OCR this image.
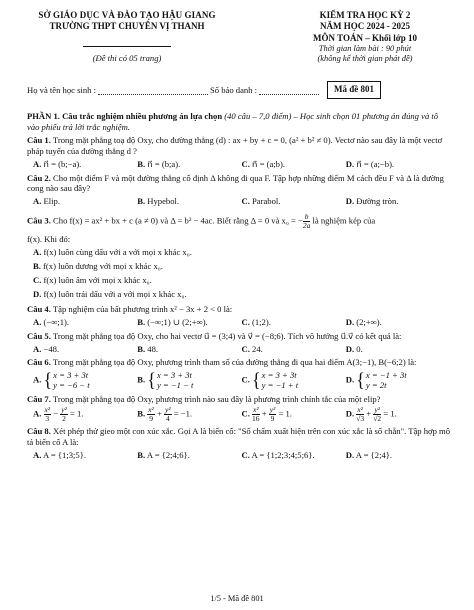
SỞ GIÁO DỤC VÀ ĐÀO TẠO HẬU GIANG
TRƯỜNG THPT CHUYÊN VỊ THANH
(Đề thi có 05 trang)
KIỂM TRA HỌC KỲ 2
NĂM HỌC 2024 - 2025
MÔN TOÁN – Khối lớp 10
Thời gian làm bài : 90 phút
(không kể thời gian phát đề)
Họ và tên học sinh :	Số báo danh :	Mã đề 801
PHẦN 1. Câu trắc nghiệm nhiều phương án lựa chọn (40 câu – 7,0 điểm) – Học sinh chọn 01 phương án đúng và tô vào phiếu trả lời trắc nghiệm.
Câu 1. Trong mặt phẳng toạ độ Oxy, cho đường thẳng (d) : ax + by + c = 0, (a² + b² ≠ 0). Vectơ nào sau đây là một vectơ pháp tuyến của đường thẳng d ?
A. n⃗ = (b;−a).	B. n⃗ = (b;a).	C. n⃗ = (a;b).	D. n⃗ = (a;−b).
Câu 2. Cho một điểm F và một đường thẳng cố định Δ không đi qua F. Tập hợp những điểm M cách đều F và Δ là đường cong nào sau đây?
A. Elip.	B. Hypebol.	C. Parabol.	D. Đường tròn.
Câu 3. Cho f(x) = ax² + bx + c (a ≠ 0) và Δ = b² − 4ac. Biết rằng Δ = 0 và x₀ = − $\frac{b}{2a}$ là nghiệm kép của
f(x). Khi đó:
A. f(x) luôn cùng dấu với a với mọi x khác x₀.
B. f(x) luôn dương với mọi x khác x₀.
C. f(x) luôn âm với mọi x khác x₀.
D. f(x) luôn trái dấu với a với mọi x khác x₀.
Câu 4. Tập nghiệm của bất phương trình x² − 3x + 2 < 0 là:
A. (−∞;1).	B. (−∞;1) ∪ (2;+∞).	C. (1;2).	D. (2;+∞).
Câu 5. Trong mặt phẳng tọa độ Oxy, cho hai vectơ u⃗ = (3;4) và v⃗ = (−8;6). Tích vô hướng u⃗.v⃗ có kết quả là:
A. −48.	B. 48.	C. 24.	D. 0.
Câu 6. Trong mặt phẳng tọa độ Oxy, phương trình tham số của đường thẳng đi qua hai điểm A(3;−1), B(−6;2) là:
A. { x = 3 + 3t
y = −6 − t
B. { x = 3 + 3t
y = −1 − t
C. { x = 3 + 3t
y = −1 + t
D. { x = −1 + 3t
y = 2t
Câu 7. Trong mặt phẳng tọa độ Oxy, phương trình nào sau đây là phương trình chính tắc của một elip?
A. $\frac{\text{x²}}{3} - \frac{\text{y²}}{2} = 1$.	B. $\frac{\text{x²}}{9} + \frac{\text{y²}}{4} = -1$.	C. $\frac{\text{x²}}{16} + \frac{\text{y²}}{9} = 1$.	D. $\frac{\text{x²}}{√3} + \frac{\text{y²}}{√2} = 1$.
Câu 8. Xét phép thử gieo một con xúc xắc. Gọi A là biến cố: "Số chấm xuất hiện trên con xúc xắc là số chẵn". Tập hợp mô tả biến cố A là:
A. A = {1;3;5}.	B. A = {2;4;6}.	C. A = {1;2;3;4;5;6}.	D. A = {2;4}.
1/5 - Mã đề 801
